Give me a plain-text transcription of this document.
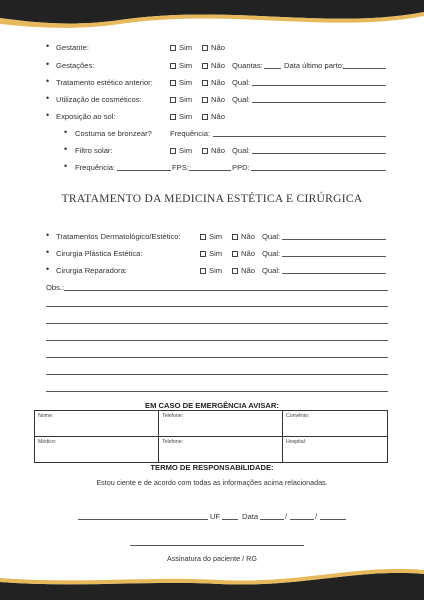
• Gestante:	Sim	Não
• Gestações:	Sim	Não Quantas:	Data último parto:
• Tratamento estético anterior:	Sim	Não Qual:
• Utilização de cosméticos:	Sim	Não Qual:
• Exposição ao sol:	Sim	Não
• Costuma se bronzear? Frequência:
• Filtro solar:	Sim	Não Qual:
• Frequência:	FPS:	PPD:
TRATAMENTO DA MEDICINA ESTÉTICA E CIRÚRGICA
• Tratamentos Dermatológico/Estético:	Sim	Não Qual:
• Cirurgia Plástica Estética:	Sim	Não Qual:
• Cirurgia Reparadora:	Sim	Não Qual:
Obs.:
EM CASO DE EMERGÊNCIA AVISAR:
Nome:	Telefone:	Convênio:
Médico:	Telefone:	Hospital:
TERMO DE RESPONSABILIDADE:
Estou ciente e de acordo com todas as informações acima relacionadas.
UF	Data	/	/
Assinatura do paciente / RG
